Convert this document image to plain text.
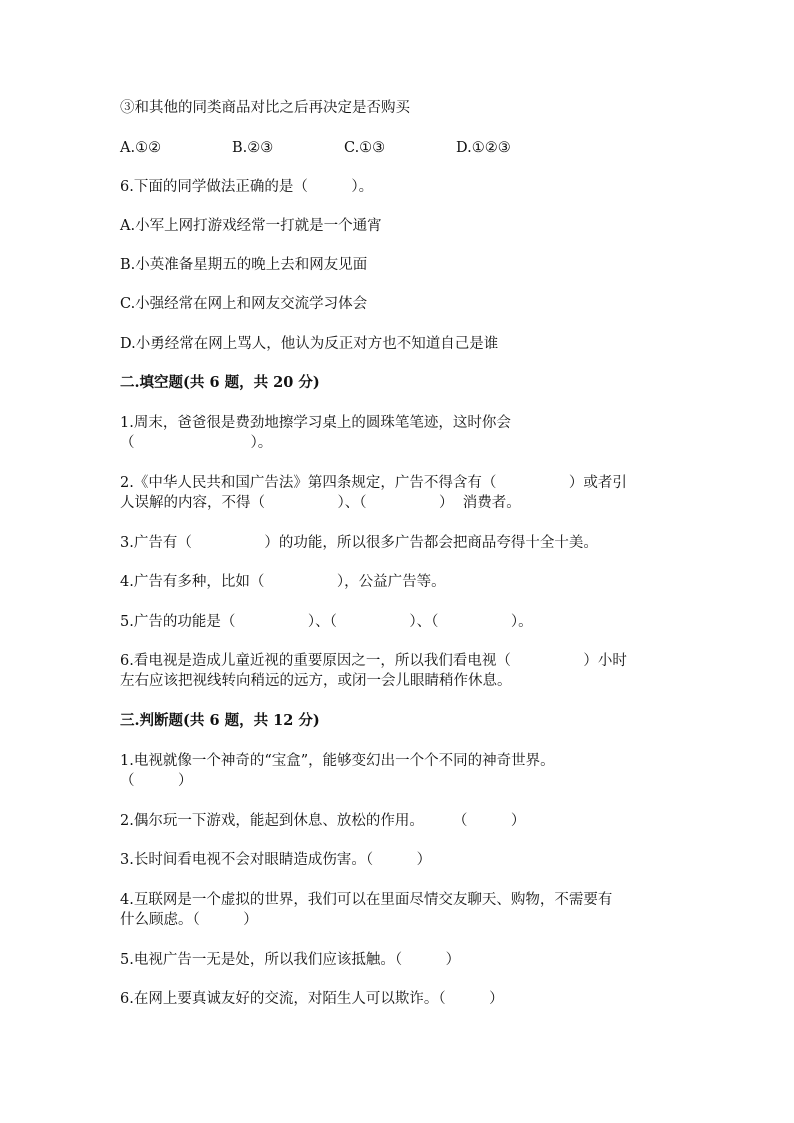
③和其他的同类商品对比之后再决定是否购买
A.①②	B.②③	C.①③	D.①②③
6.下面的同学做法正确的是（　　　）。
A.小军上网打游戏经常一打就是一个通宵
B.小英准备星期五的晚上去和网友见面
C.小强经常在网上和网友交流学习体会
D.小勇经常在网上骂人，他认为反正对方也不知道自己是谁
二.填空题(共 6 题，共 20 分)
1.周末，爸爸很是费劲地擦学习桌上的圆珠笔笔迹，这时你会
（　　　　　　　　）。
2.《中华人民共和国广告法》第四条规定，广告不得含有（　　　　　）或者引
人误解的内容，不得（　　　　　）、（　　　　　）  消费者。
3.广告有（　　　　　）的功能，所以很多广告都会把商品夸得十全十美。
4.广告有多种，比如（　　　　　），公益广告等。
5.广告的功能是（　　　　　）、（　　　　　）、（　　　　　）。
6.看电视是造成儿童近视的重要原因之一，所以我们看电视（　　　　　）小时
左右应该把视线转向稍远的远方，或闭一会儿眼睛稍作休息。
三.判断题(共 6 题，共 12 分)
1.电视就像一个神奇的“宝盒”，能够变幻出一个个不同的神奇世界。
（　　　）
2.偶尔玩一下游戏，能起到休息、放松的作用。　　　（　　　）
3.长时间看电视不会对眼睛造成伤害。（　　　）
4.互联网是一个虚拟的世界，我们可以在里面尽情交友聊天、购物，不需要有
什么顾虑。（　　　）
5.电视广告一无是处，所以我们应该抵触。（　　　）
6.在网上要真诚友好的交流，对陌生人可以欺诈。（　　　）
